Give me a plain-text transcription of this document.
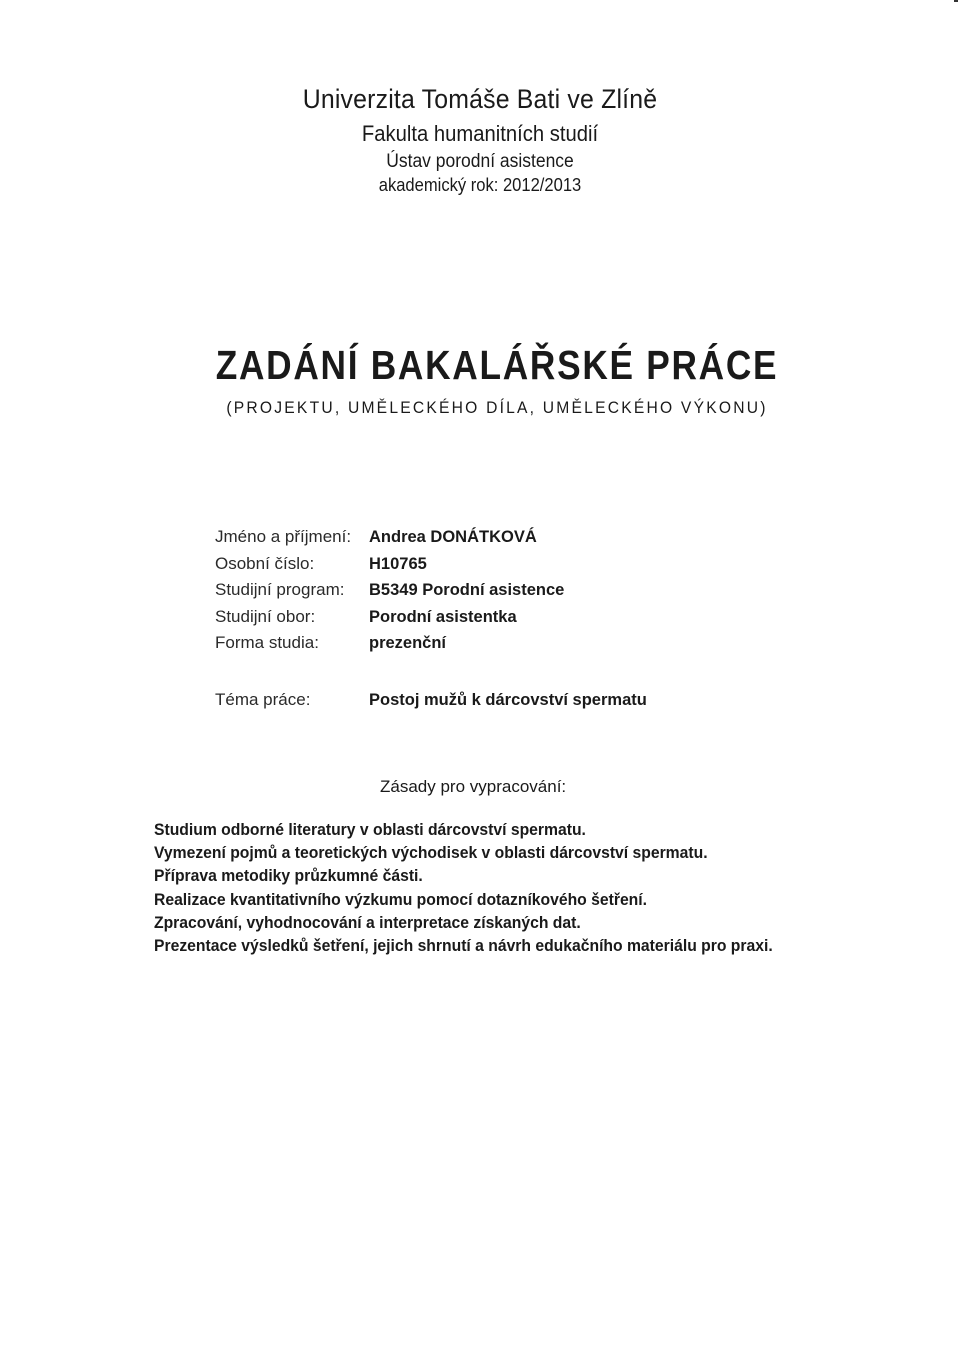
Univerzita Tomáše Bati ve Zlíně
Fakulta humanitních studií
Ústav porodní asistence
akademický rok: 2012/2013
ZADÁNÍ BAKALÁŘSKÉ PRÁCE
(PROJEKTU, UMĚLECKÉHO DÍLA, UMĚLECKÉHO VÝKONU)
Jméno a příjmení:	Andrea DONÁTKOVÁ
Osobní číslo:	H10765
Studijní program:	B5349 Porodní asistence
Studijní obor:	Porodní asistentka
Forma studia:	prezenční
Téma práce:	Postoj mužů k dárcovství spermatu
Zásady pro vypracování:
Studium odborné literatury v oblasti dárcovství spermatu.
Vymezení pojmů a teoretických východisek v oblasti dárcovství spermatu.
Příprava metodiky průzkumné části.
Realizace kvantitativního výzkumu pomocí dotazníkového šetření.
Zpracování, vyhodnocování a interpretace získaných dat.
Prezentace výsledků šetření, jejich shrnutí a návrh edukačního materiálu pro praxi.
